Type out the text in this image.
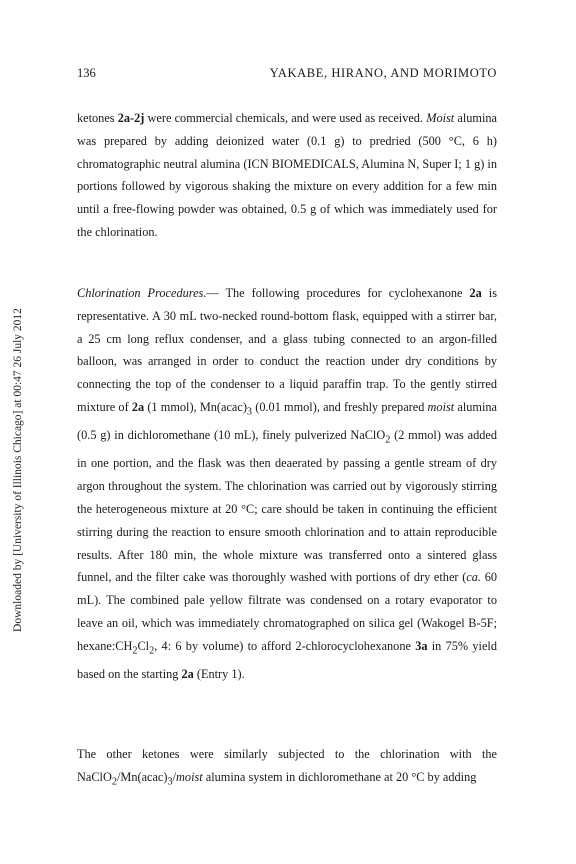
136	YAKABE, HIRANO, AND MORIMOTO
Downloaded by [University of Illinois Chicago] at 00:47 26 July 2012

ketones 2a-2j were commercial chemicals, and were used as received. Moist alumina was prepared by adding deionized water (0.1 g) to predried (500 °C, 6 h) chromatographic neutral alumina (ICN BIOMEDICALS, Alumina N, Super I; 1 g) in portions followed by vigorous shaking the mixture on every addition for a few min until a free-flowing powder was obtained, 0.5 g of which was immediately used for the chlorination.

Chlorination Procedures.— The following procedures for cyclohexanone 2a is representative. A 30 mL two-necked round-bottom flask, equipped with a stirrer bar, a 25 cm long reflux condenser, and a glass tubing connected to an argon-filled balloon, was arranged in order to conduct the reaction under dry conditions by connecting the top of the condenser to a liquid paraffin trap. To the gently stirred mixture of 2a (1 mmol), $Mn(acac)_3$ (0.01 mmol), and freshly prepared moist alumina (0.5 g) in dichloromethane (10 mL), finely pulverized NaClO$_2$ (2 mmol) was added in one portion, and the flask was then deaerated by passing a gentle stream of dry argon throughout the system. The chlorination was carried out by vigorously stirring the heterogeneous mixture at 20 °C; care should be taken in continuing the efficient stirring during the reaction to ensure smooth chlorination and to attain reproducible results. After 180 min, the whole mixture was transferred onto a sintered glass funnel, and the filter cake was thoroughly washed with portions of dry ether (ca. 60 mL). The combined pale yellow filtrate was condensed on a rotary evaporator to leave an oil, which was immediately chromatographed on silica gel (Wakogel B-5F; $hexane:CH_2Cl_2$, 4: 6 by volume) to afford 2-chlorocyclohexanone 3a in 75% yield based on the starting 2a (Entry 1).

The other ketones were similarly subjected to the chlorination with the $NaClO_2/Mn(acac)_3$/moist alumina system in dichloromethane at 20 °C by adding
